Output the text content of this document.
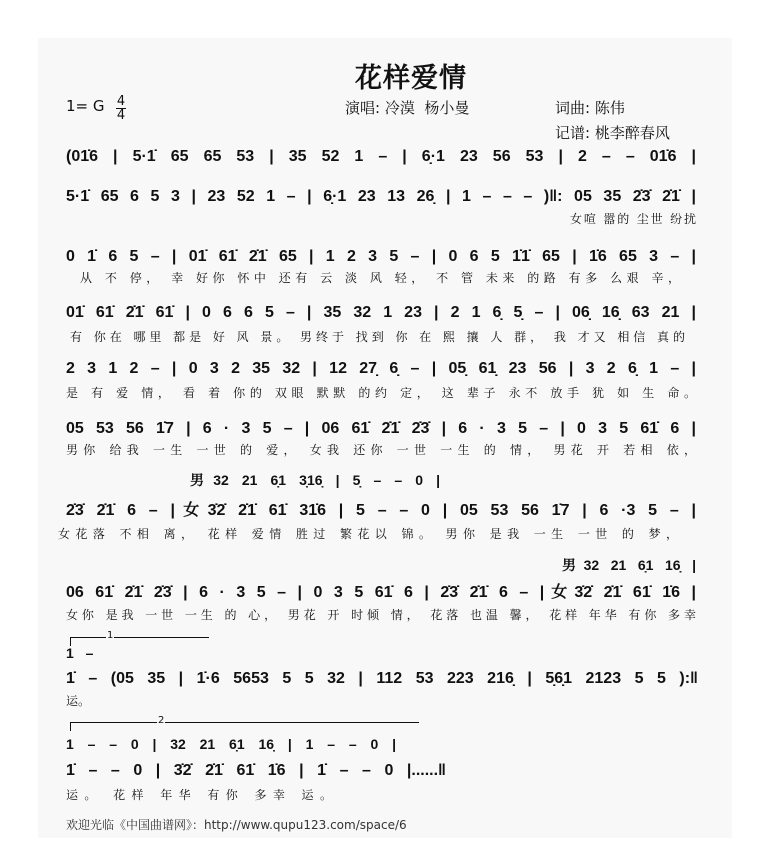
花样爱情
1= G 4
4	演唱: 冷漠  杨小曼	词曲: 陈伟
记谱: 桃李醉春风
(01̇6 | 5·1̇ 65 65 53 | 35 52 1 – | 6̣·1 23 56 53 | 2 – – 01̇6 |
5·1̇ 65 6 5 3 | 23 52 1 – | 6̣·1 23 13 26̣ | 1 – – – )‖: 05 35 2̇3̇ 2̇1̇ |
女喧 嚣的 尘世 纷扰
0 1̇ 6 5 – | 01̇ 61̇ 2̇1̇ 65 | 1 2 3 5 – | 0 6 5 1̇1̇ 65 | 1̇6 65 3 – |
从 不 停， 幸 好你 怀中 还有 云 淡 风 轻， 不 管 未来 的路 有多 么艰 辛，
01̇ 61̇ 2̇1̇ 61̇ | 0 6 6 5 – | 35 32 1 23 | 2 1 6̣ 5̣ – | 06̣ 16̣ 63 21 |
有 你在 哪里 都是 好 风 景。 男终于 找到 你 在 熙 攘 人 群， 我 才又 相信 真的
2 3 1 2 – | 0 3 2 35 32 | 12 27̣ 6̣ – | 05̣ 61̣ 23 56 | 3 2 6̣ 1 – |
是 有 爱 情， 看 着 你的 双眼 默默 的约 定， 这 辈子 永不 放手 犹 如 生 命。
05 53 56 1̇7 | 6 · 3 5 – | 06 61̇ 2̇1̇ 2̇3̇ | 6 · 3 5 – | 0 3 5 61̇ 6 |
男你 给我 一生 一世 的 爱， 女我 还你 一世 一生 的 情， 男花 开 若相 依，
男32 21 6̣1 3̣16̣ | 5̣ – – 0 |
2̇3̇ 2̇1̇ 6 – |女3̇2̇ 2̇1̇ 61̇ 31̇6 | 5 – – 0 | 05 53 56 1̇7 | 6 ·3 5 – |
女花落 不相 离， 花样 爱情 胜过 繁花以 锦。 男你 是我 一生 一世 的 梦，
男32 21 6̣1 16̣ |
06 61̇ 2̇1̇ 2̇3̇ | 6 · 3 5 – | 0 3 5 61̇ 6 | 2̇3̇ 2̇1̇ 6 – |女3̇2̇ 2̇1̇ 61̇ 1̇6 |
女你 是我 一世 一生 的 心， 男花 开 时倾 情， 花落 也温 馨， 花样 年华 有你 多幸
1
1 –
1̇ – (05 35 | 1̇·6 5653 5 5 32 | 112 53 223 216̣ | 5̣6̣1 2123 5 5 ):‖
运。
2
1 – – 0 | 32 21 6̣1 16̣ | 1 – – 0 |
1̇ – – 0 | 3̇2̇ 2̇1̇ 61̇ 1̇6 | 1̇ – – 0 |......‖
运。 花样 年华 有你 多幸 运。
欢迎光临《中国曲谱网》：http://www.qupu123.com/space/6
